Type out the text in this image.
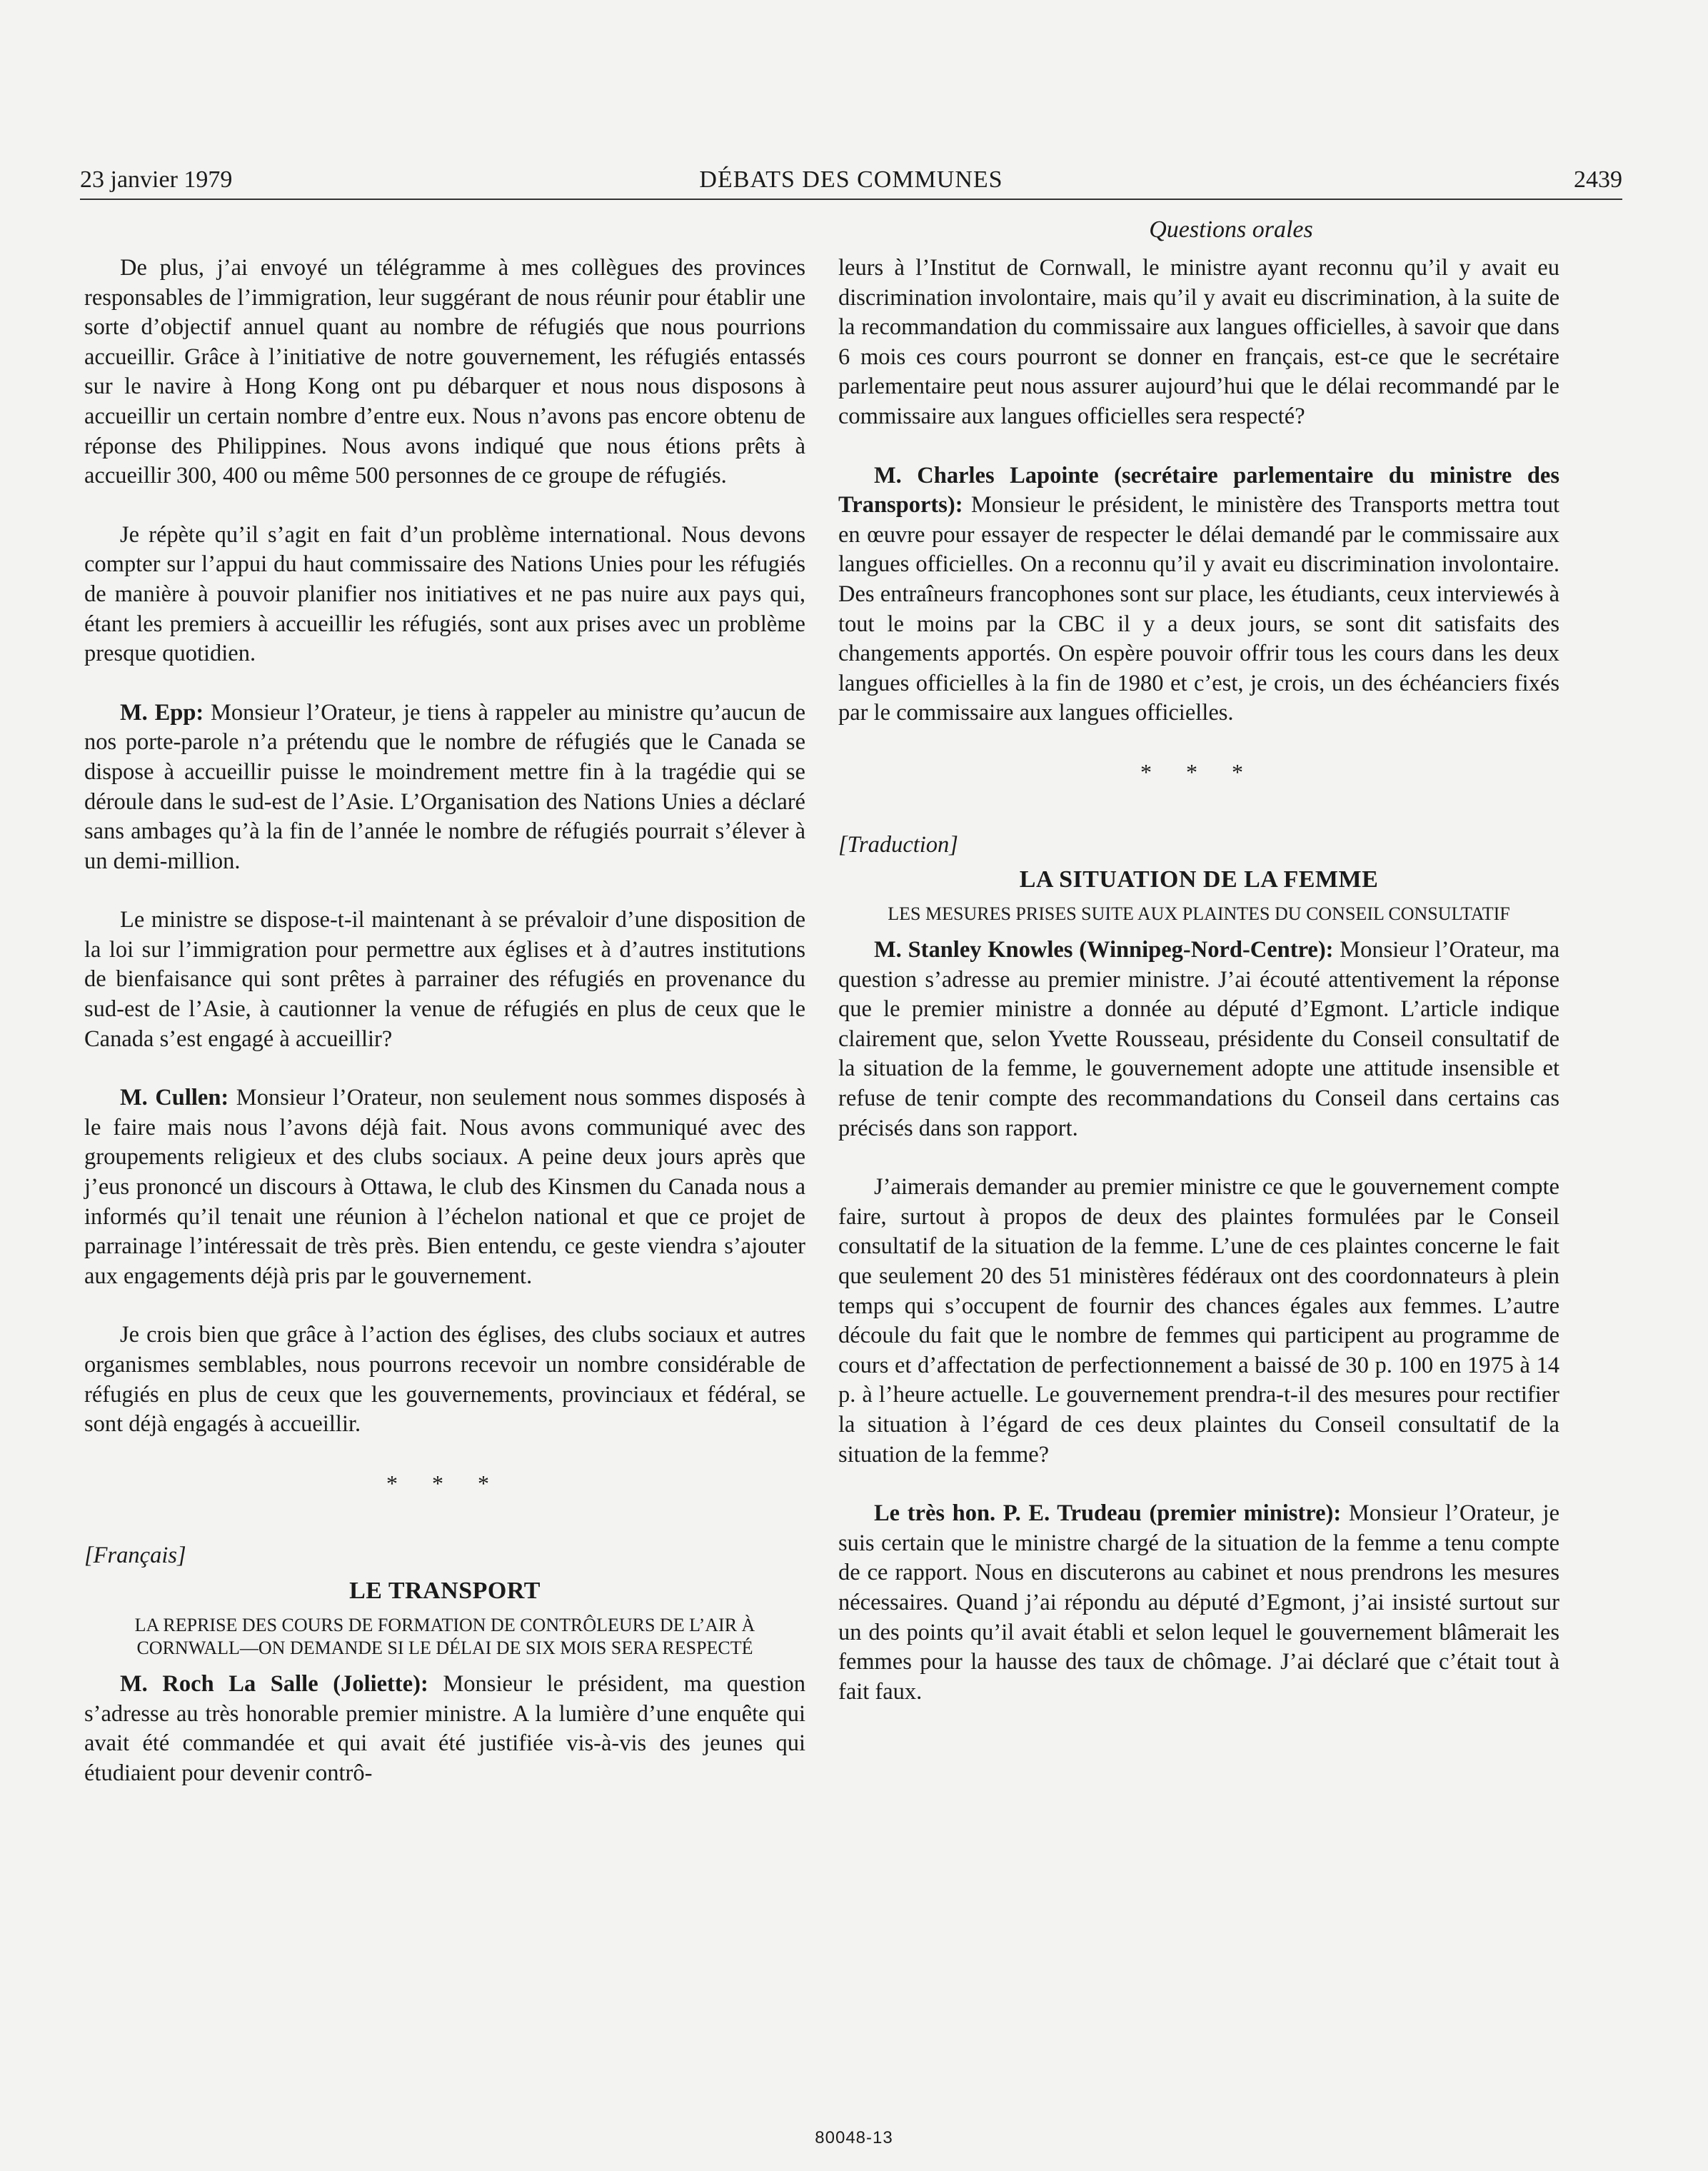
23 janvier 1979	DÉBATS DES COMMUNES	2439
Questions orales

De plus, j’ai envoyé un télégramme à mes collègues des provinces responsables de l’immigration, leur suggérant de nous réunir pour établir une sorte d’objectif annuel quant au nombre de réfugiés que nous pourrions accueillir. Grâce à l’initiative de notre gouvernement, les réfugiés entassés sur le navire à Hong Kong ont pu débarquer et nous nous disposons à accueillir un certain nombre d’entre eux. Nous n’avons pas encore obtenu de réponse des Philippines. Nous avons indiqué que nous étions prêts à accueillir 300, 400 ou même 500 personnes de ce groupe de réfugiés.

Je répète qu’il s’agit en fait d’un problème international. Nous devons compter sur l’appui du haut commissaire des Nations Unies pour les réfugiés de manière à pouvoir planifier nos initiatives et ne pas nuire aux pays qui, étant les premiers à accueillir les réfugiés, sont aux prises avec un problème presque quotidien.

M. Epp: Monsieur l’Orateur, je tiens à rappeler au ministre qu’aucun de nos porte-parole n’a prétendu que le nombre de réfugiés que le Canada se dispose à accueillir puisse le moindrement mettre fin à la tragédie qui se déroule dans le sud-est de l’Asie. L’Organisation des Nations Unies a déclaré sans ambages qu’à la fin de l’année le nombre de réfugiés pourrait s’élever à un demi-million.

Le ministre se dispose-t-il maintenant à se prévaloir d’une disposition de la loi sur l’immigration pour permettre aux églises et à d’autres institutions de bienfaisance qui sont prêtes à parrainer des réfugiés en provenance du sud-est de l’Asie, à cautionner la venue de réfugiés en plus de ceux que le Canada s’est engagé à accueillir?

M. Cullen: Monsieur l’Orateur, non seulement nous sommes disposés à le faire mais nous l’avons déjà fait. Nous avons communiqué avec des groupements religieux et des clubs sociaux. A peine deux jours après que j’eus prononcé un discours à Ottawa, le club des Kinsmen du Canada nous a informés qu’il tenait une réunion à l’échelon national et que ce projet de parrainage l’intéressait de très près. Bien entendu, ce geste viendra s’ajouter aux engagements déjà pris par le gouvernement.

Je crois bien que grâce à l’action des églises, des clubs sociaux et autres organismes semblables, nous pourrons recevoir un nombre considérable de réfugiés en plus de ceux que les gouvernements, provinciaux et fédéral, se sont déjà engagés à accueillir.

* * *
[Français]
LE TRANSPORT
LA REPRISE DES COURS DE FORMATION DE CONTRÔLEURS DE L’AIR À CORNWALL—ON DEMANDE SI LE DÉLAI DE SIX MOIS SERA RESPECTÉ

M. Roch La Salle (Joliette): Monsieur le président, ma question s’adresse au très honorable premier ministre. A la lumière d’une enquête qui avait été commandée et qui avait été justifiée vis-à-vis des jeunes qui étudiaient pour devenir contrô-

leurs à l’Institut de Cornwall, le ministre ayant reconnu qu’il y avait eu discrimination involontaire, mais qu’il y avait eu discrimination, à la suite de la recommandation du commissaire aux langues officielles, à savoir que dans 6 mois ces cours pourront se donner en français, est-ce que le secrétaire parlementaire peut nous assurer aujourd’hui que le délai recommandé par le commissaire aux langues officielles sera respecté?

M. Charles Lapointe (secrétaire parlementaire du ministre des Transports): Monsieur le président, le ministère des Transports mettra tout en œuvre pour essayer de respecter le délai demandé par le commissaire aux langues officielles. On a reconnu qu’il y avait eu discrimination involontaire. Des entraîneurs francophones sont sur place, les étudiants, ceux interviewés à tout le moins par la CBC il y a deux jours, se sont dit satisfaits des changements apportés. On espère pouvoir offrir tous les cours dans les deux langues officielles à la fin de 1980 et c’est, je crois, un des échéanciers fixés par le commissaire aux langues officielles.

* * *
[Traduction]
LA SITUATION DE LA FEMME
LES MESURES PRISES SUITE AUX PLAINTES DU CONSEIL CONSULTATIF

M. Stanley Knowles (Winnipeg-Nord-Centre): Monsieur l’Orateur, ma question s’adresse au premier ministre. J’ai écouté attentivement la réponse que le premier ministre a donnée au député d’Egmont. L’article indique clairement que, selon Yvette Rousseau, présidente du Conseil consultatif de la situation de la femme, le gouvernement adopte une attitude insensible et refuse de tenir compte des recommandations du Conseil dans certains cas précisés dans son rapport.

J’aimerais demander au premier ministre ce que le gouvernement compte faire, surtout à propos de deux des plaintes formulées par le Conseil consultatif de la situation de la femme. L’une de ces plaintes concerne le fait que seulement 20 des 51 ministères fédéraux ont des coordonnateurs à plein temps qui s’occupent de fournir des chances égales aux femmes. L’autre découle du fait que le nombre de femmes qui participent au programme de cours et d’affectation de perfectionnement a baissé de 30 p. 100 en 1975 à 14 p. à l’heure actuelle. Le gouvernement prendra-t-il des mesures pour rectifier la situation à l’égard de ces deux plaintes du Conseil consultatif de la situation de la femme?

Le très hon. P. E. Trudeau (premier ministre): Monsieur l’Orateur, je suis certain que le ministre chargé de la situation de la femme a tenu compte de ce rapport. Nous en discuterons au cabinet et nous prendrons les mesures nécessaires. Quand j’ai répondu au député d’Egmont, j’ai insisté surtout sur un des points qu’il avait établi et selon lequel le gouvernement blâmerait les femmes pour la hausse des taux de chômage. J’ai déclaré que c’était tout à fait faux.

80048-13
